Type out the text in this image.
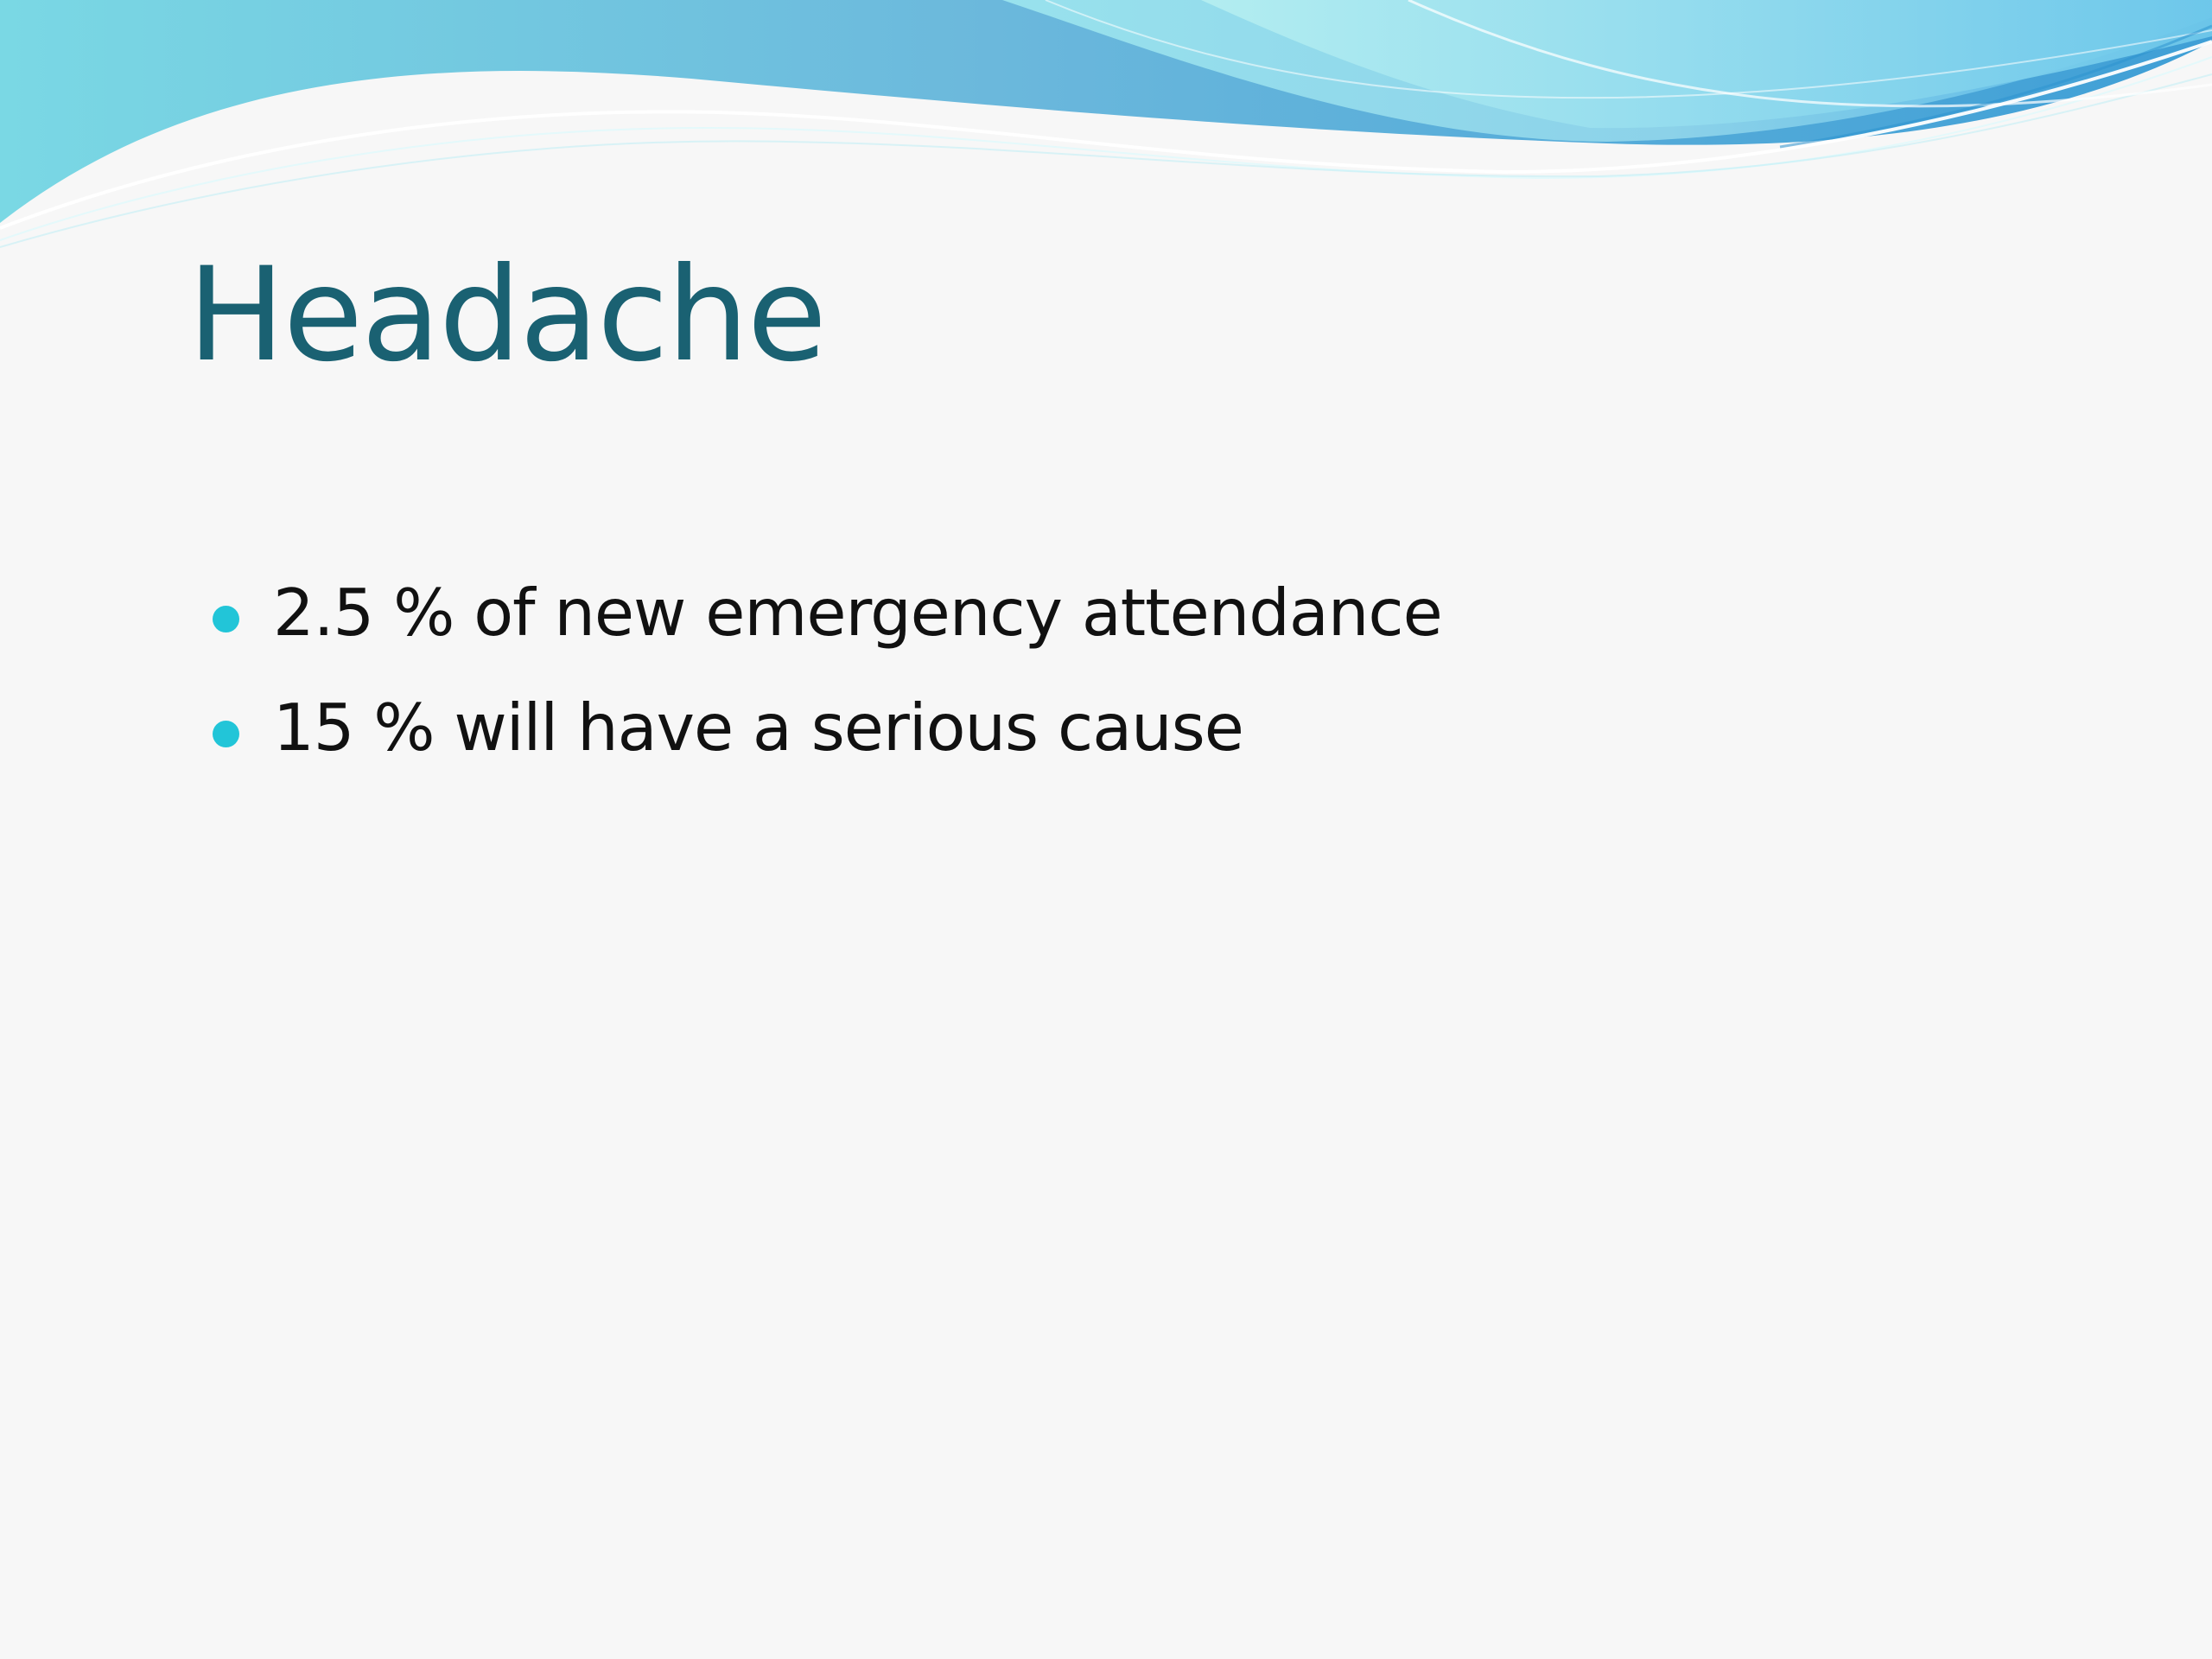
Headache
2.5 % of new emergency attendance
15 % will have a serious cause
